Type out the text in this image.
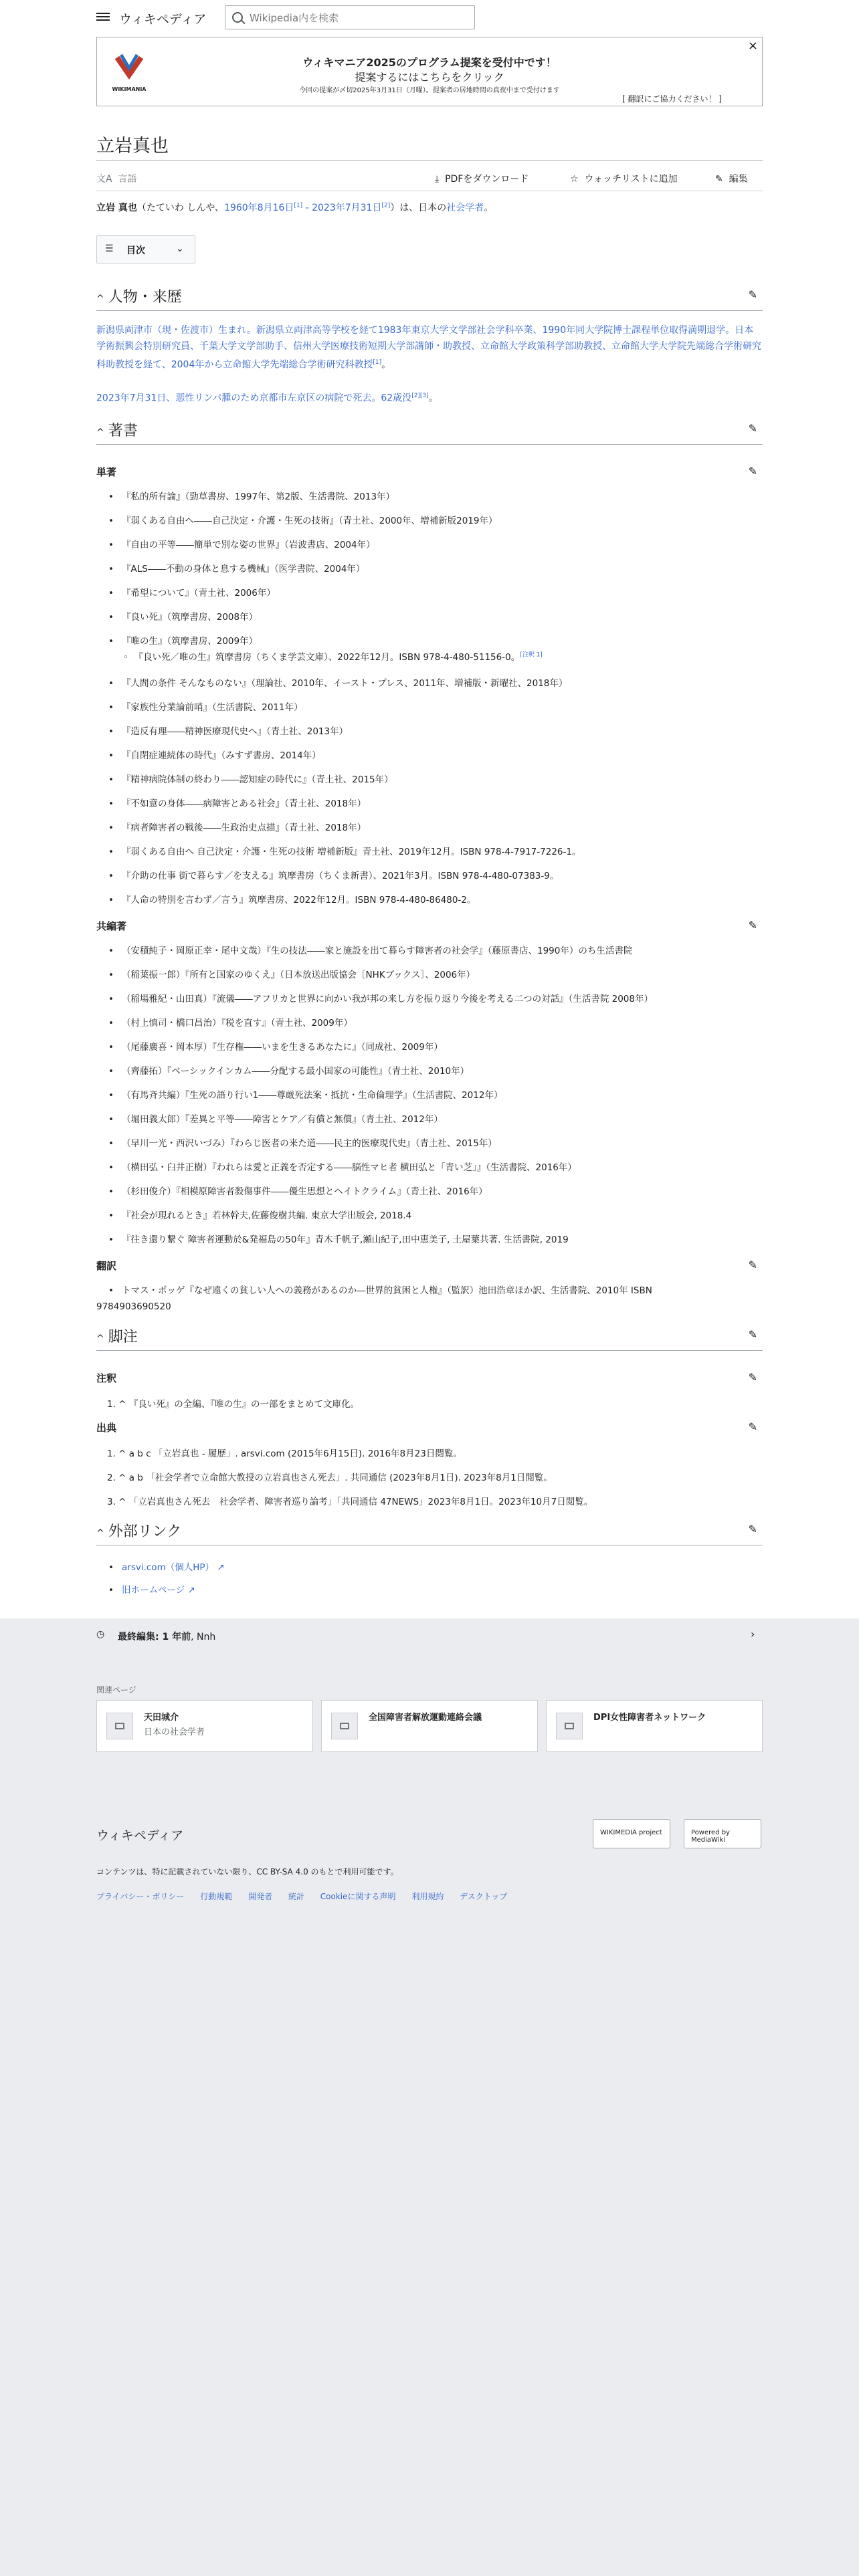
ウィキペディア
Wikipedia内を検索
×
WIKIMANIA
ウィキマニア2025のプログラム提案を受付中です！
提案するにはこちらをクリック
今回の提案が〆切2025年3月31日（月曜）。提案者の居地時間の真夜中まで受付けます
[ 翻訳にご協力ください！ ]
立岩真也
文A 言語	⤓ PDFをダウンロード	☆ ウォッチリストに追加	✎ 編集
立岩 真也（たていわ しんや、1960年8月16日[1] - 2023年7月31日[2]）は、日本の社会学者。
☰ 目次	⌄
^ 人物・来歴	✎
新潟県両津市（現・佐渡市）生まれ。新潟県立両津高等学校を経て1983年東京大学文学部社会学科卒業、1990年同大学院博士課程単位取得満期退学。日本学術振興会特別研究員、千葉大学文学部助手、信州大学医療技術短期大学部講師・助教授、立命館大学政策科学部助教授、立命館大学大学院先端総合学術研究科助教授を経て、2004年から立命館大学先端総合学術研究科教授[1]。
2023年7月31日、悪性リンパ腫のため京都市左京区の病院で死去。62歳没[2][3]。
^ 著書	✎
単著	✎
• 『私的所有論』（勁草書房、1997年、第2版、生活書院、2013年）
• 『弱くある自由へ――自己決定・介護・生死の技術』（青土社、2000年、増補新版2019年）
• 『自由の平等――簡単で別な姿の世界』（岩波書店、2004年）
• 『ALS――不動の身体と息する機械』（医学書院、2004年）
• 『希望について』（青土社、2006年）
• 『良い死』（筑摩書房、2008年）
• 『唯の生』（筑摩書房、2009年）
◦  『良い死／唯の生』筑摩書房（ちくま学芸文庫）、2022年12月。ISBN 978-4-480-51156-0。[注釈 1]
• 『人間の条件 そんなものない』（理論社、2010年、イースト・プレス、2011年、増補版・新曜社、2018年）
• 『家族性分業論前哨』（生活書院、2011年）
• 『造反有理――精神医療現代史へ』（青土社、2013年）
• 『自閉症連続体の時代』（みすず書房、2014年）
• 『精神病院体制の終わり――認知症の時代に』（青土社、2015年）
• 『不如意の身体――病障害とある社会』（青土社、2018年）
• 『病者障害者の戦後――生政治史点描』（青土社、2018年）
• 『弱くある自由へ 自己決定・介護・生死の技術 増補新版』青土社、2019年12月。ISBN 978-4-7917-7226-1。
• 『介助の仕事 街で暮らす／を支える』筑摩書房（ちくま新書）、2021年3月。ISBN 978-4-480-07383-9。
• 『人命の特別を言わず／言う』筑摩書房、2022年12月。ISBN 978-4-480-86480-2。
共編著	✎
• （安積純子・岡原正幸・尾中文哉）『生の技法――家と施設を出て暮らす障害者の社会学』（藤原書店、1990年）のち生活書院
• （稲葉振一郎）『所有と国家のゆくえ』（日本放送出版協会［NHKブックス］、2006年）
• （稲場雅紀・山田真）『流儀――アフリカと世界に向かい我が邦の来し方を振り返り今後を考える二つの対話』（生活書院 2008年）
• （村上慎司・橋口昌治）『税を直す』（青土社、2009年）
• （尾藤廣喜・岡本厚）『生存権――いまを生きるあなたに』（同成社、2009年）
• （齊藤拓）『ベーシックインカム――分配する最小国家の可能性』（青土社、2010年）
• （有馬斉共編）『生死の語り行い1――尊厳死法案・抵抗・生命倫理学』（生活書院、2012年）
• （堀田義太郎）『差異と平等――障害とケア／有償と無償』（青土社、2012年）
• （早川一光・西沢いづみ）『わらじ医者の来た道――民主的医療現代史』（青土社、2015年）
• （横田弘・臼井正樹）『われらは愛と正義を否定する――脳性マヒ者 横田弘と「青い芝」』（生活書院、2016年）
• （杉田俊介）『相模原障害者殺傷事件――優生思想とヘイトクライム』（青土社、2016年）
• 『社会が現れるとき』若林幹夫,佐藤俊樹共編. 東京大学出版会, 2018.4
• 『往き還り繋ぐ 障害者運動於&発福島の50年』青木千帆子,瀬山紀子,田中恵美子, 土屋葉共著. 生活書院, 2019
翻訳	✎
• トマス・ポッゲ『なぜ遠くの貧しい人への義務があるのか―世界的貧困と人権』（監訳）池田浩章ほか訳、生活書院、2010年 ISBN 9784903690520
^ 脚注	✎
注釈	✎
1. ^ 『良い死』の全編、『唯の生』の一部をまとめて文庫化。
出典	✎
1. ^ a b c 「立岩真也 - 履歴」. arsvi.com (2015年6月15日). 2016年8月23日閲覧。
2. ^ a b 「社会学者で立命館大教授の立岩真也さん死去」. 共同通信 (2023年8月1日). 2023年8月1日閲覧。
3. ^ 「立岩真也さん死去　社会学者、障害者巡り論考」「共同通信 47NEWS」2023年8月1日。2023年10月7日閲覧。
^ 外部リンク	✎
• arsvi.com（個人HP） ↗
• 旧ホームページ ↗
◷ 最終編集: 1 年前, Nnh	›
関連ページ
天田城介
日本の社会学者
全国障害者解放運動連絡会議	DPI女性障害者ネットワーク
ウィキペディア	WIKIMEDIA project	Powered by MediaWiki
コンテンツは、特に記載されていない限り、CC BY-SA 4.0 のもとで利用可能です。
プライバシー・ポリシー 行動規範 開発者 統計 Cookieに関する声明 利用規約 デスクトップ
